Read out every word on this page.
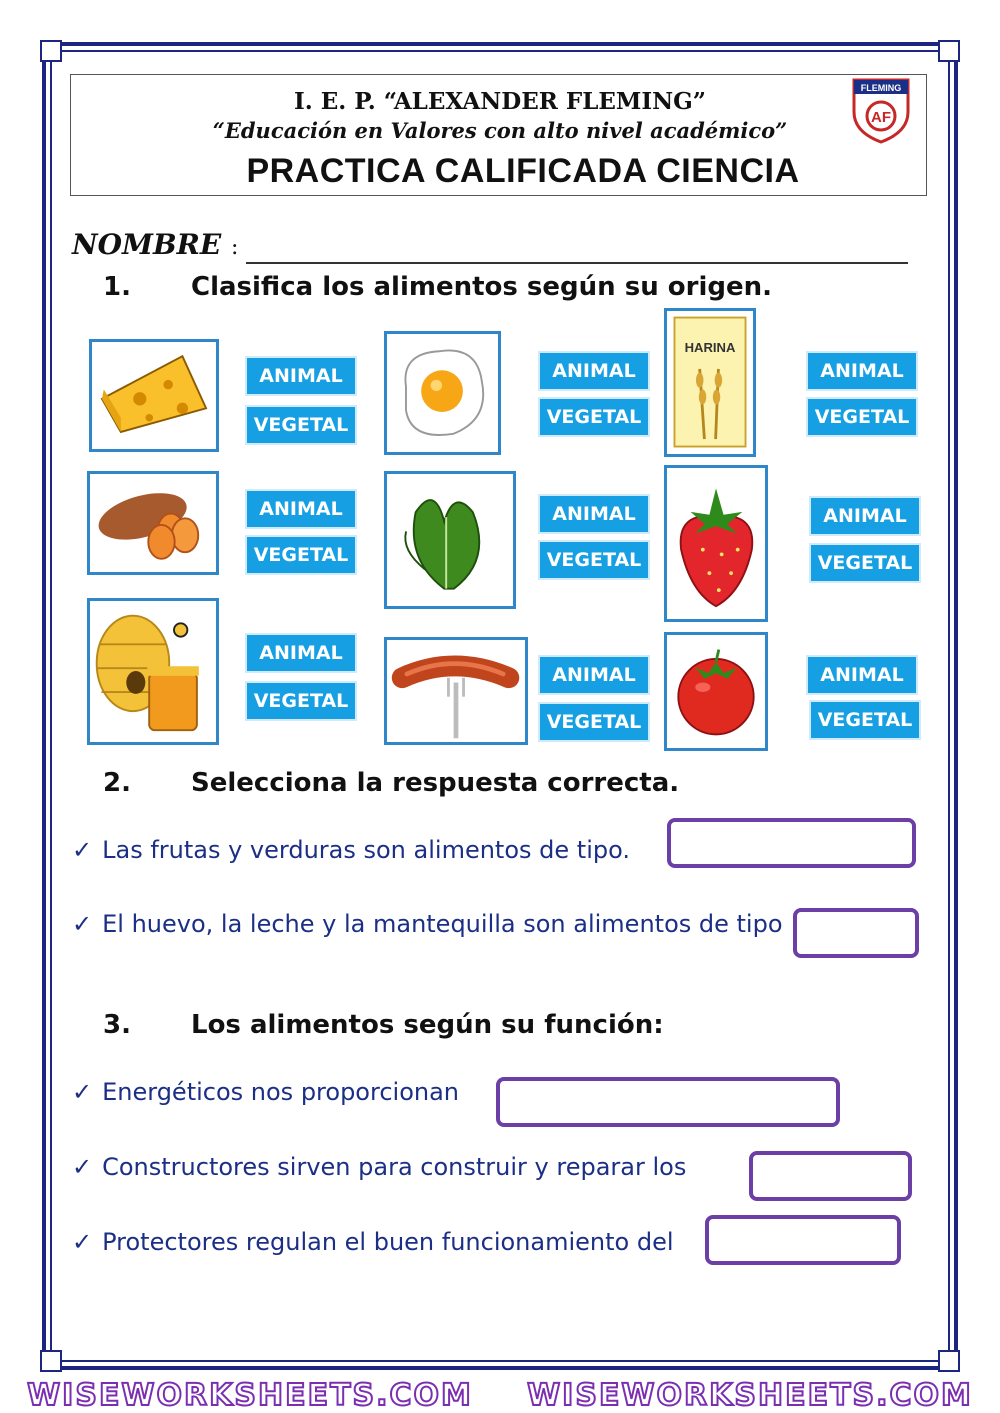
I. E. P. “ALEXANDER FLEMING”
“Educación en Valores con alto nivel académico”
PRACTICA CALIFICADA CIENCIA
FLEMING
AF
NOMBRE :
1. Clasifica los alimentos según su origen.
ANIMAL
VEGETAL
ANIMAL
VEGETAL
HARINA
ANIMAL
VEGETAL
ANIMAL
VEGETAL
ANIMAL
VEGETAL
ANIMAL
VEGETAL
ANIMAL
VEGETAL
ANIMAL
VEGETAL
ANIMAL
VEGETAL
2. Selecciona la respuesta correcta.
✓ Las frutas y verduras son alimentos de tipo.
✓ El huevo, la leche y la mantequilla son alimentos de tipo
3. Los alimentos según su función:
✓ Energéticos nos proporcionan
✓ Constructores sirven para construir y reparar los
✓ Protectores regulan el buen funcionamiento del
WISEWORKSHEETS.COM WISEWORKSHEETS.COM
